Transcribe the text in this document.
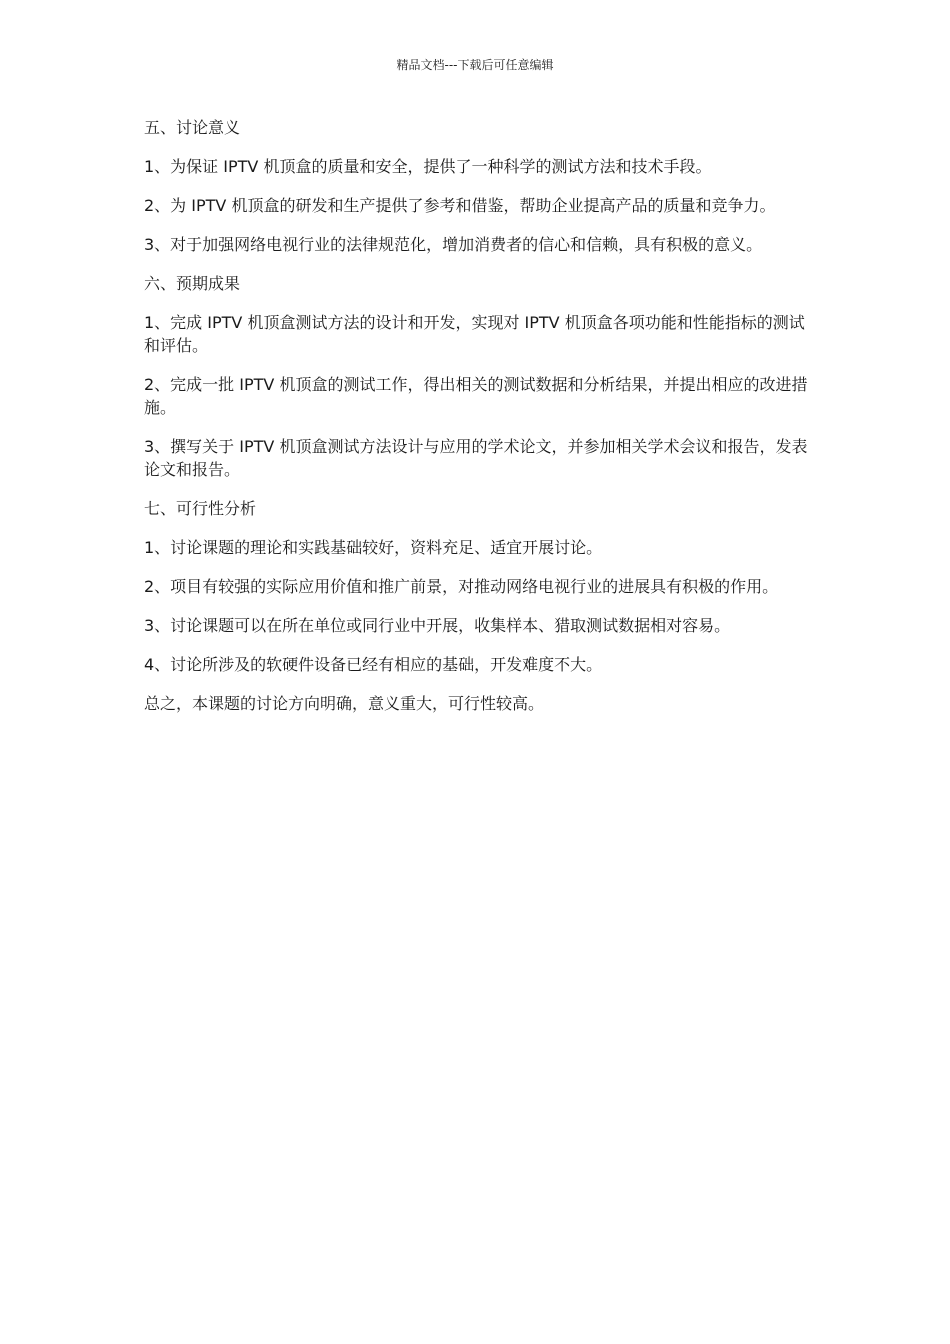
精品文档---下载后可任意编辑

五、讨论意义

1、为保证 IPTV 机顶盒的质量和安全，提供了一种科学的测试方法和技术手段。

2、为 IPTV 机顶盒的研发和生产提供了参考和借鉴，帮助企业提高产品的质量和竞争力。

3、对于加强网络电视行业的法律规范化，增加消费者的信心和信赖，具有积极的意义。

六、预期成果

1、完成 IPTV 机顶盒测试方法的设计和开发，实现对 IPTV 机顶盒各项功能和性能指标的测试和评估。

2、完成一批 IPTV 机顶盒的测试工作，得出相关的测试数据和分析结果，并提出相应的改进措施。

3、撰写关于 IPTV 机顶盒测试方法设计与应用的学术论文，并参加相关学术会议和报告，发表论文和报告。

七、可行性分析

1、讨论课题的理论和实践基础较好，资料充足、适宜开展讨论。

2、项目有较强的实际应用价值和推广前景，对推动网络电视行业的进展具有积极的作用。

3、讨论课题可以在所在单位或同行业中开展，收集样本、猎取测试数据相对容易。

4、讨论所涉及的软硬件设备已经有相应的基础，开发难度不大。

总之，本课题的讨论方向明确，意义重大，可行性较高。
